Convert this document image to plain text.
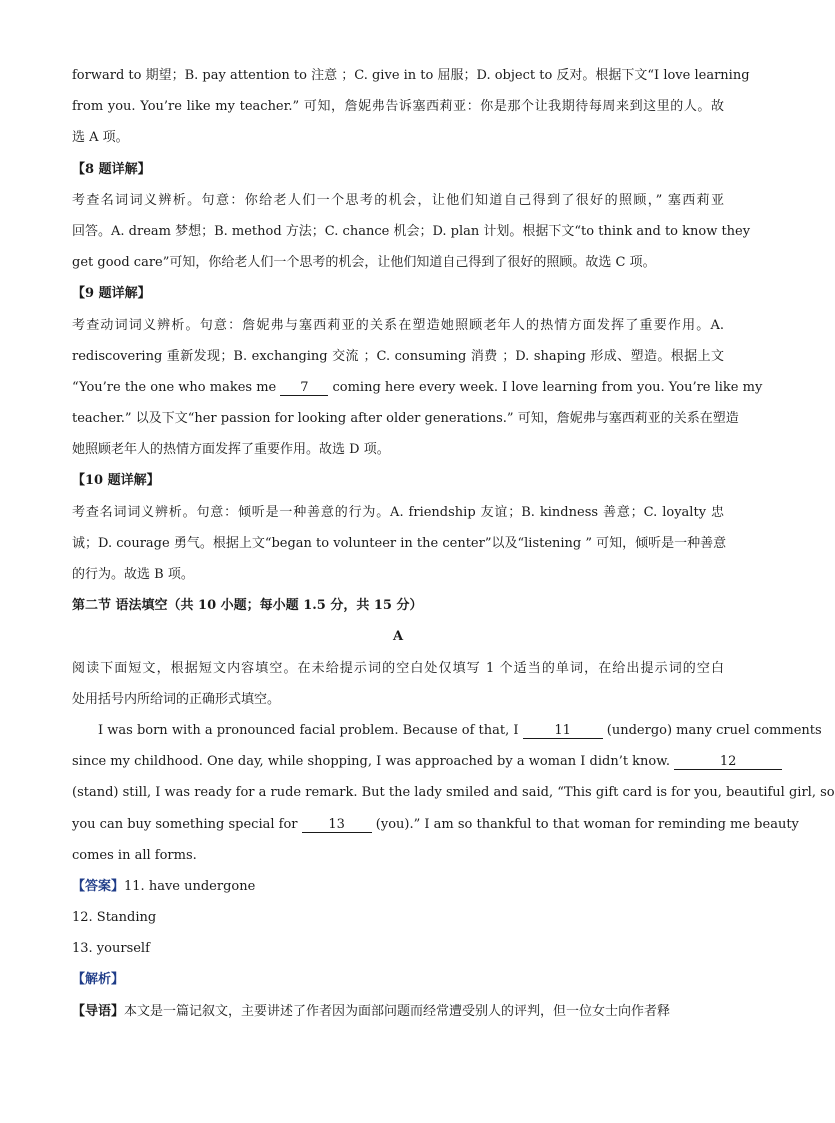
forward to 期望；B. pay attention to 注意 ；C. give in to 屈服；D. object to 反对。根据下文“I love learning
from you. You’re like my teacher.” 可知，詹妮弗告诉塞西莉亚：你是那个让我期待每周来到这里的人。故
选 A 项。
【8 题详解】
考查名词词义辨析。句意：你给老人们一个思考的机会，让他们知道自己得到了很好的照顾，” 塞西莉亚
回答。A. dream 梦想；B. method 方法；C. chance 机会；D. plan 计划。根据下文“to think and to know they
get good care”可知，你给老人们一个思考的机会，让他们知道自己得到了很好的照顾。故选 C 项。
【9 题详解】
考查动词词义辨析。句意：詹妮弗与塞西莉亚的关系在塑造她照顾老年人的热情方面发挥了重要作用。A.
rediscovering 重新发现；B. exchanging 交流 ；C. consuming 消费 ；D. shaping 形成、塑造。根据上文
“You’re the one who makes me 7 coming here every week. I love learning from you. You’re like my
teacher.” 以及下文“her passion for looking after older generations.” 可知，詹妮弗与塞西莉亚的关系在塑造
她照顾老年人的热情方面发挥了重要作用。故选 D 项。
【10 题详解】
考查名词词义辨析。句意：倾听是一种善意的行为。A. friendship 友谊；B. kindness 善意；C. loyalty 忠
诚；D. courage 勇气。根据上文“began to volunteer in the center”以及“listening ” 可知，倾听是一种善意
的行为。故选 B 项。
第二节 语法填空（共 10 小题；每小题 1.5 分，共 15 分）
A
阅读下面短文，根据短文内容填空。在未给提示词的空白处仅填写 1 个适当的单词，在给出提示词的空白
处用括号内所给词的正确形式填空。
I was born with a pronounced facial problem. Because of that, I 11 (undergo) many cruel comments
since my childhood. One day, while shopping, I was approached by a woman I didn’t know.	12
(stand) still, I was ready for a rude remark. But the lady smiled and said, “This gift card is for you, beautiful girl, so
you can buy something special for 13 (you).” I am so thankful to that woman for reminding me beauty
comes in all forms.
【答案】11. have undergone
12. Standing
13. yourself
【解析】
【导语】本文是一篇记叙文，主要讲述了作者因为面部问题而经常遭受别人的评判，但一位女士向作者释
